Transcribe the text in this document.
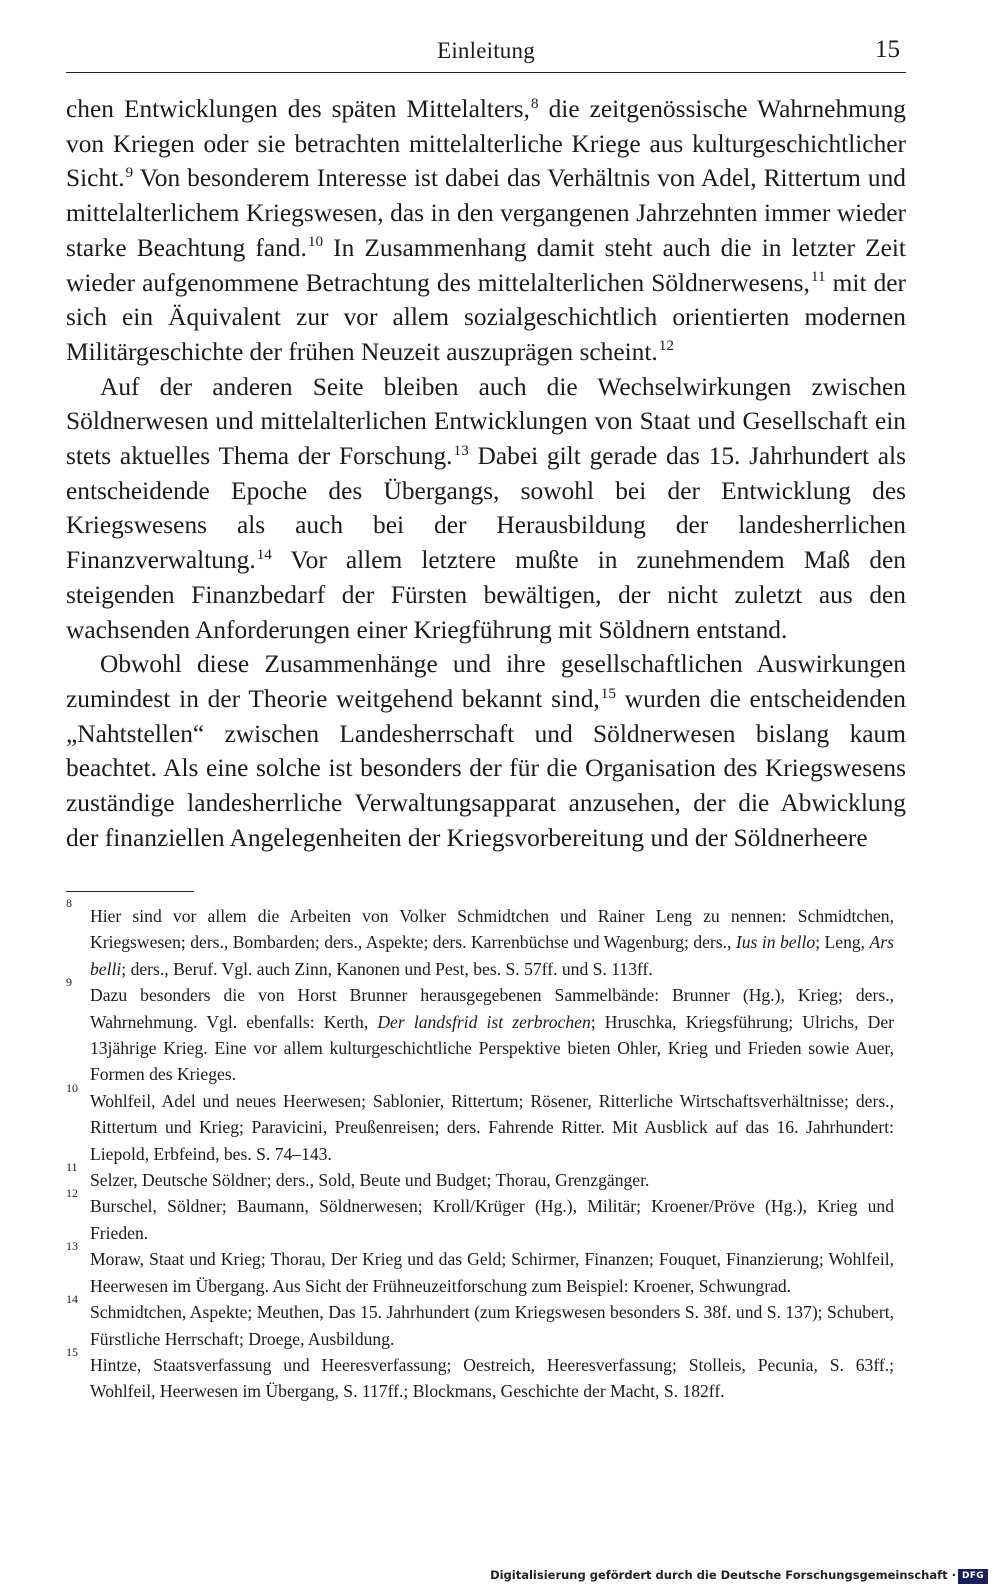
Einleitung	15

chen Entwicklungen des späten Mittelalters,$^8$ die zeitgenössische Wahrnehmung von Kriegen oder sie betrachten mittelalterliche Kriege aus kulturgeschichtlicher Sicht.$^9$ Von besonderem Interesse ist dabei das Verhältnis von Adel, Rittertum und mittelalterlichem Kriegswesen, das in den vergangenen Jahrzehnten immer wieder starke Beachtung fand.$^{10}$ In Zusammenhang damit steht auch die in letzter Zeit wieder aufgenommene Betrachtung des mittelalterlichen Söldnerwesens,$^{11}$ mit der sich ein Äquivalent zur vor allem sozialgeschichtlich orientierten modernen Militärgeschichte der frühen Neuzeit auszuprägen scheint.$^{12}$

Auf der anderen Seite bleiben auch die Wechselwirkungen zwischen Söldnerwesen und mittelalterlichen Entwicklungen von Staat und Gesellschaft ein stets aktuelles Thema der Forschung.$^{13}$ Dabei gilt gerade das 15. Jahrhundert als entscheidende Epoche des Übergangs, sowohl bei der Entwicklung des Kriegswesens als auch bei der Herausbildung der landesherrlichen Finanzverwaltung.$^{14}$ Vor allem letztere mußte in zunehmendem Maß den steigenden Finanzbedarf der Fürsten bewältigen, der nicht zuletzt aus den wachsenden Anforderungen einer Kriegführung mit Söldnern entstand.

Obwohl diese Zusammenhänge und ihre gesellschaftlichen Auswirkungen zumindest in der Theorie weitgehend bekannt sind,$^{15}$ wurden die entscheidenden „Nahtstellen“ zwischen Landesherrschaft und Söldnerwesen bislang kaum beachtet. Als eine solche ist besonders der für die Organisation des Kriegswesens zuständige landesherrliche Verwaltungsapparat anzusehen, der die Abwicklung der finanziellen Angelegenheiten der Kriegsvorbereitung und der Söldnerheere

8
Hier sind vor allem die Arbeiten von Volker Schmidtchen und Rainer Leng zu nennen: Schmidtchen, Kriegswesen; ders., Bombarden; ders., Aspekte; ders. Karrenbüchse und Wagenburg; ders., Ius in bello; Leng, Ars belli; ders., Beruf. Vgl. auch Zinn, Kanonen und Pest, bes. S. 57ff. und S. 113ff.
9
Dazu besonders die von Horst Brunner herausgegebenen Sammelbände: Brunner (Hg.), Krieg; ders., Wahrnehmung. Vgl. ebenfalls: Kerth, Der landsfrid ist zerbrochen; Hruschka, Kriegsführung; Ulrichs, Der 13jährige Krieg. Eine vor allem kulturgeschichtliche Perspektive bieten Ohler, Krieg und Frieden sowie Auer, Formen des Krieges.
10
Wohlfeil, Adel und neues Heerwesen; Sablonier, Rittertum; Rösener, Ritterliche Wirtschaftsverhältnisse; ders., Rittertum und Krieg; Paravicini, Preußenreisen; ders. Fahrende Ritter. Mit Ausblick auf das 16. Jahrhundert: Liepold, Erbfeind, bes. S. 74–143.
11
Selzer, Deutsche Söldner; ders., Sold, Beute und Budget; Thorau, Grenzgänger.
12
Burschel, Söldner; Baumann, Söldnerwesen; Kroll/Krüger (Hg.), Militär; Kroener/Pröve (Hg.), Krieg und Frieden.
13
Moraw, Staat und Krieg; Thorau, Der Krieg und das Geld; Schirmer, Finanzen; Fouquet, Finanzierung; Wohlfeil, Heerwesen im Übergang. Aus Sicht der Frühneuzeitforschung zum Beispiel: Kroener, Schwungrad.
14
Schmidtchen, Aspekte; Meuthen, Das 15. Jahrhundert (zum Kriegswesen besonders S. 38f. und S. 137); Schubert, Fürstliche Herrschaft; Droege, Ausbildung.
15
Hintze, Staatsverfassung und Heeresverfassung; Oestreich, Heeresverfassung; Stolleis, Pecunia, S. 63ff.; Wohlfeil, Heerwesen im Übergang, S. 117ff.; Blockmans, Geschichte der Macht, S. 182ff.
Digitalisierung gefördert durch die Deutsche Forschungsgemeinschaft · DFG
